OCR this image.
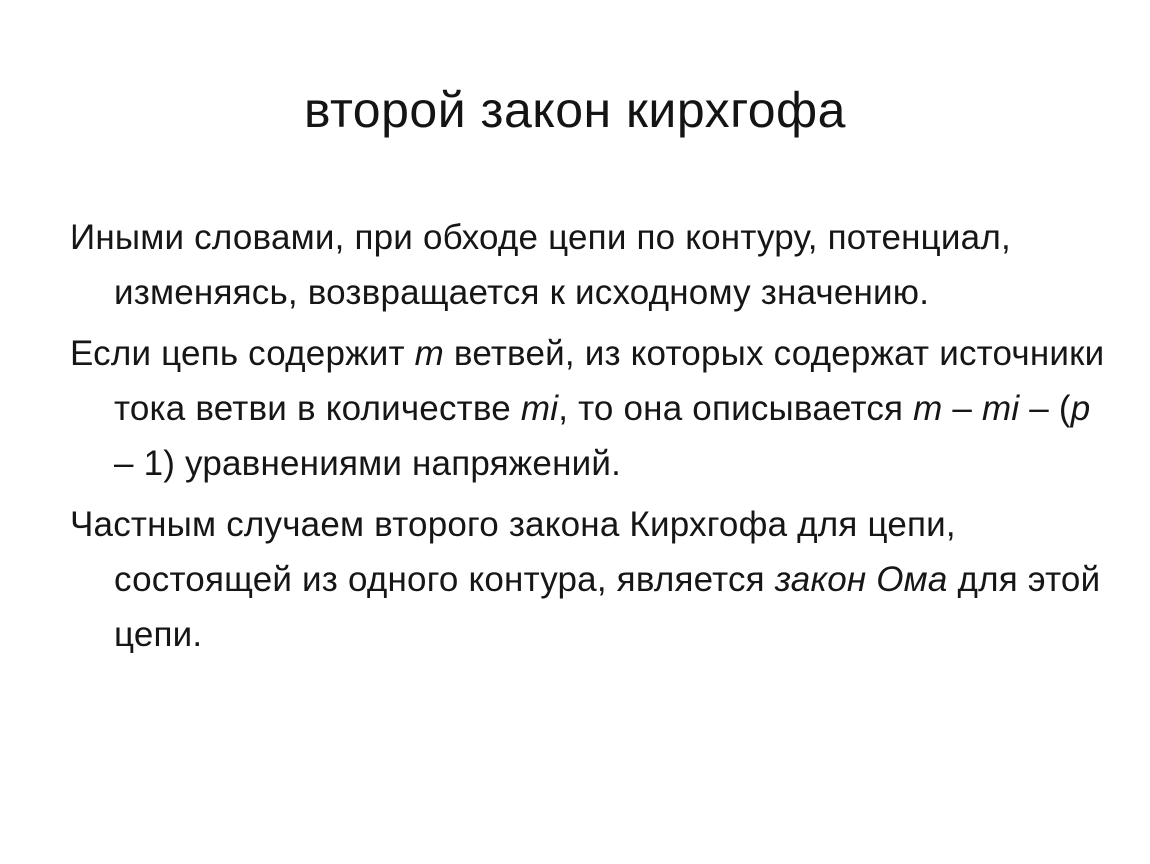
второй закон кирхгофа

Иными словами, при обходе цепи по контуру, потенциал, изменяясь, возвращается к исходному значению.

Если цепь содержит m ветвей, из которых содержат источники тока ветви в количестве mi, то она описывается m – mi – (p – 1) уравнениями напряжений.

Частным случаем второго закона Кирхгофа для цепи, состоящей из одного контура, является закон Ома для этой цепи.
